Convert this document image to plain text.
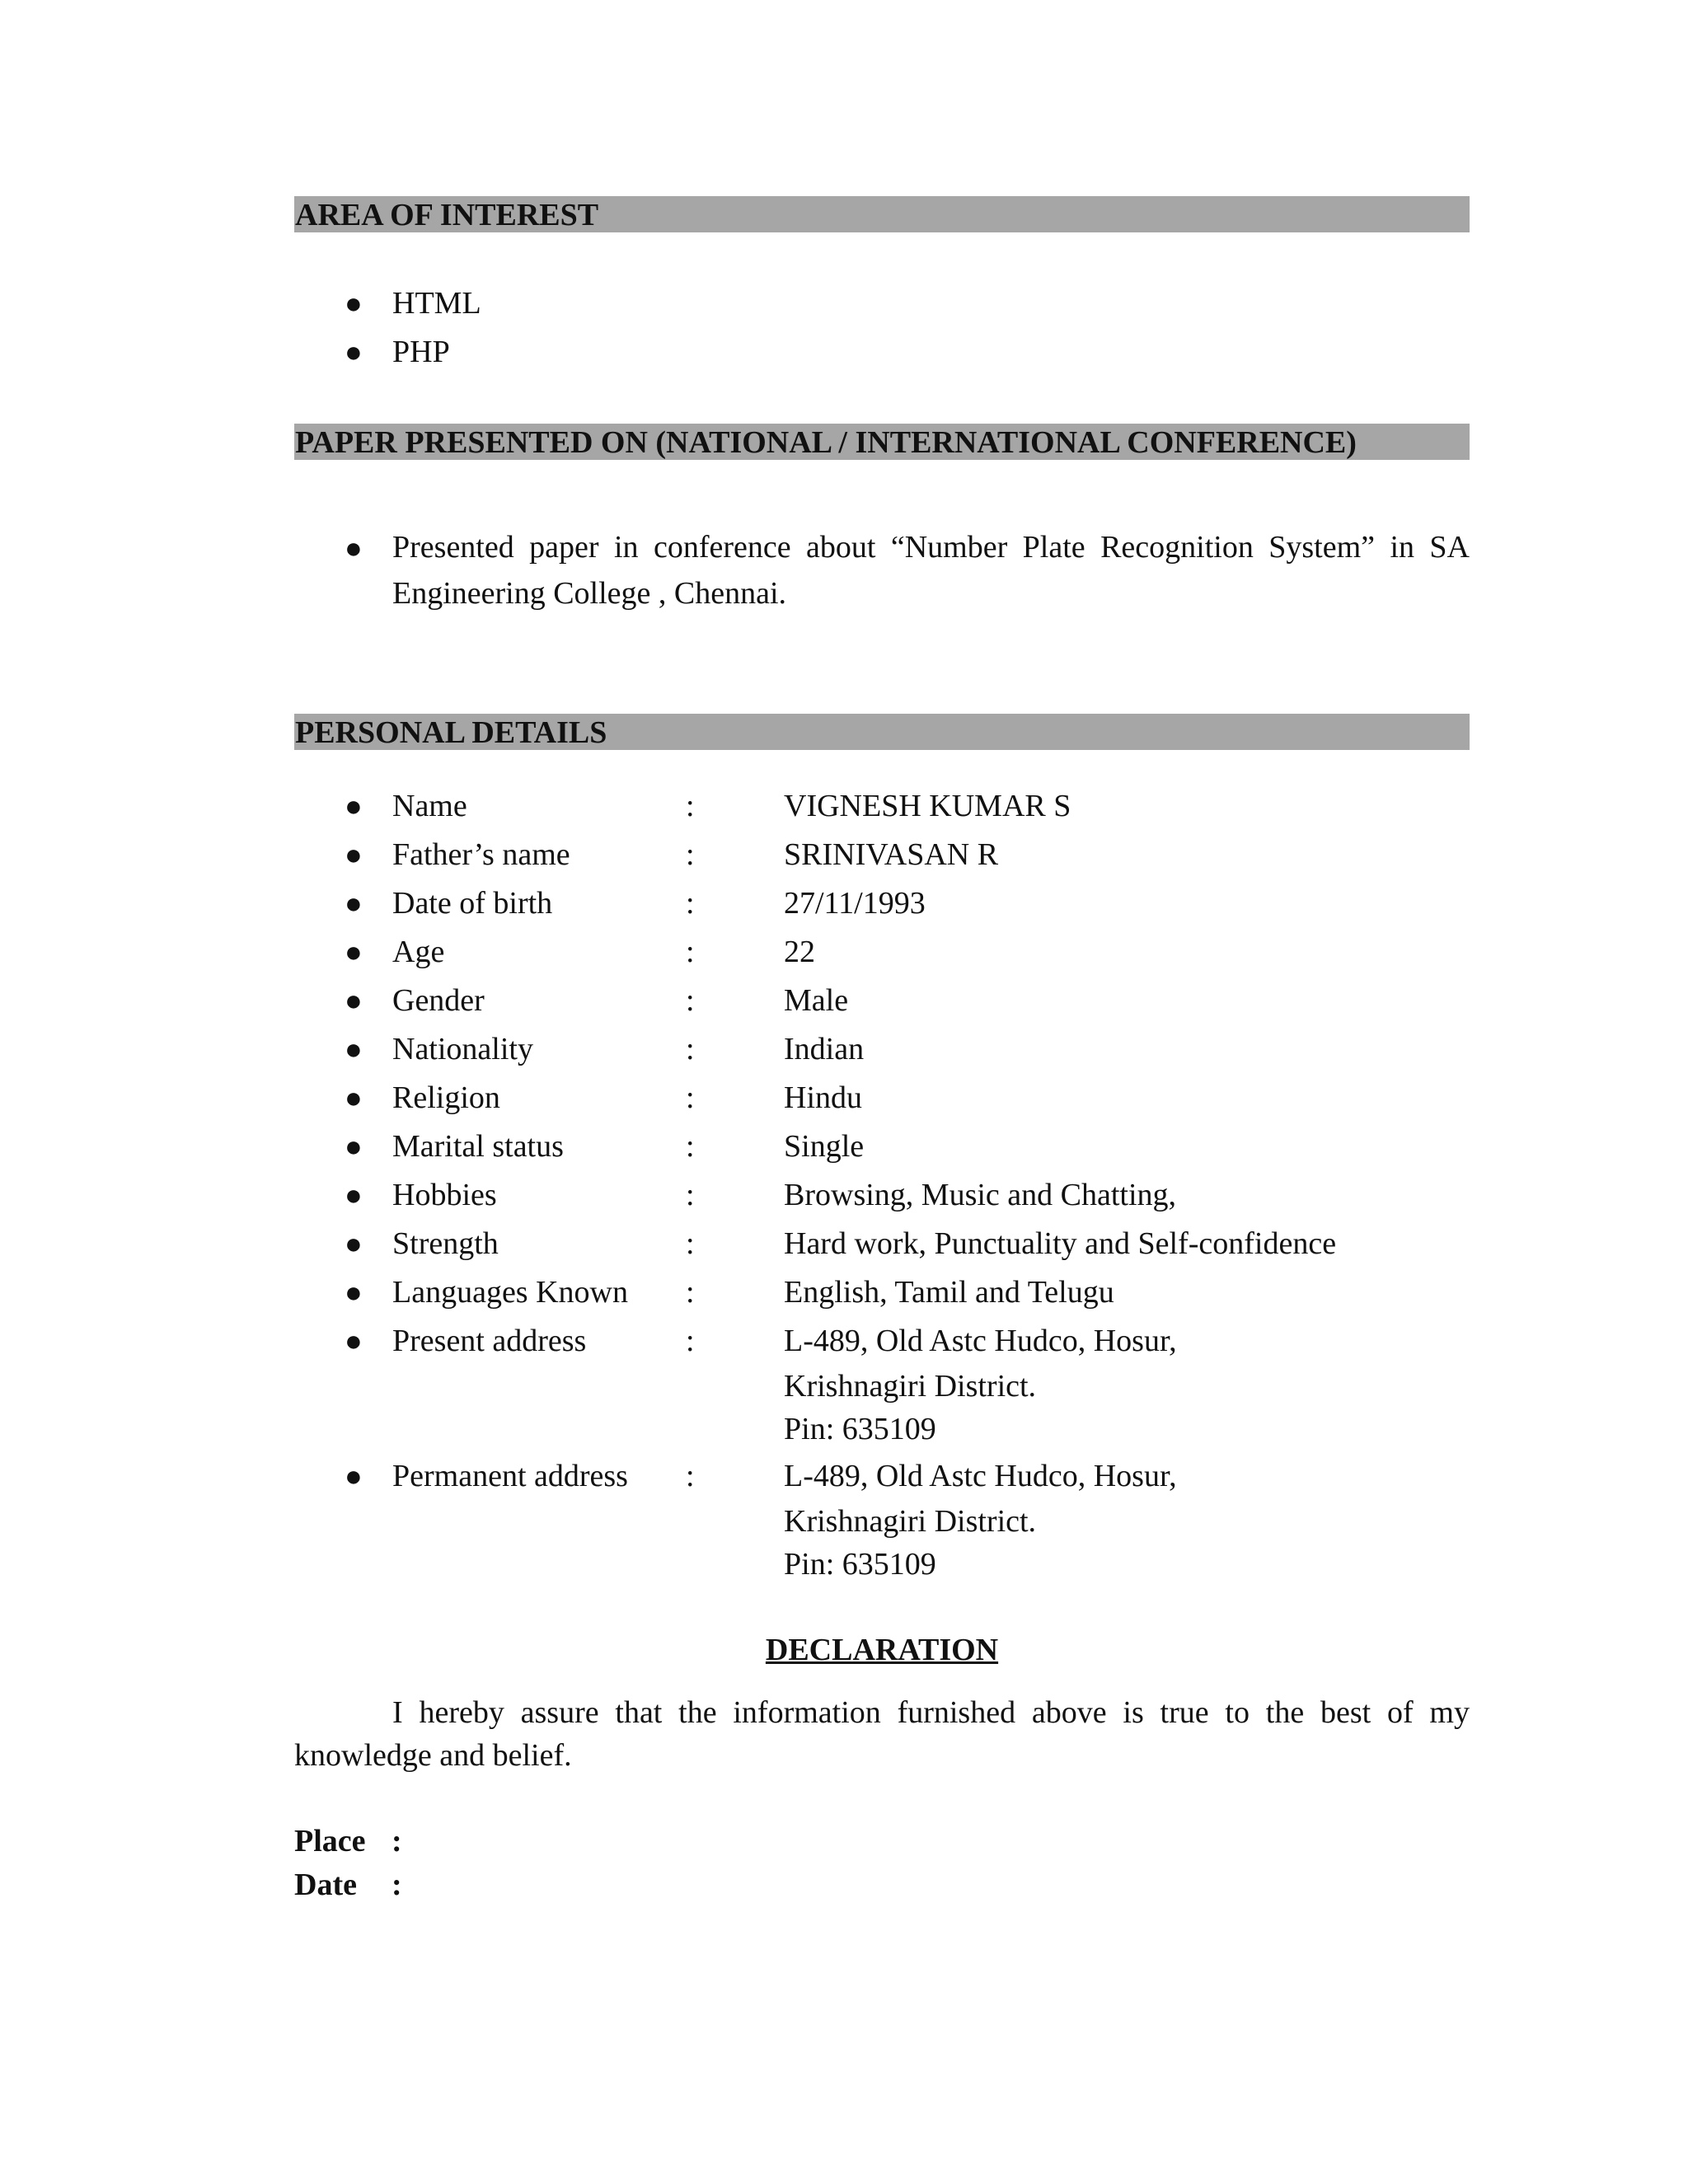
AREA OF INTEREST
● HTML
● PHP
PAPER PRESENTED ON (NATIONAL / INTERNATIONAL CONFERENCE)
● Presented paper in conference about “Number Plate Recognition System” in SA
Engineering College , Chennai.
PERSONAL DETAILS
● Name	:	VIGNESH KUMAR S
● Father’s name	:	SRINIVASAN R
● Date of birth	:	27/11/1993
● Age	:	22
● Gender	:	Male
● Nationality	:	Indian
● Religion	:	Hindu
● Marital status	:	Single
● Hobbies	:	Browsing, Music and Chatting,
● Strength	:	Hard work, Punctuality and Self-confidence
● Languages Known :	English, Tamil and Telugu
● Present address	:	L-489, Old Astc Hudco, Hosur,
Krishnagiri District.
Pin: 635109
● Permanent address :	L-489, Old Astc Hudco, Hosur,
Krishnagiri District.
Pin: 635109
DECLARATION
I hereby assure that the information furnished above is true to the best of my
knowledge and belief.
Place :
Date :
